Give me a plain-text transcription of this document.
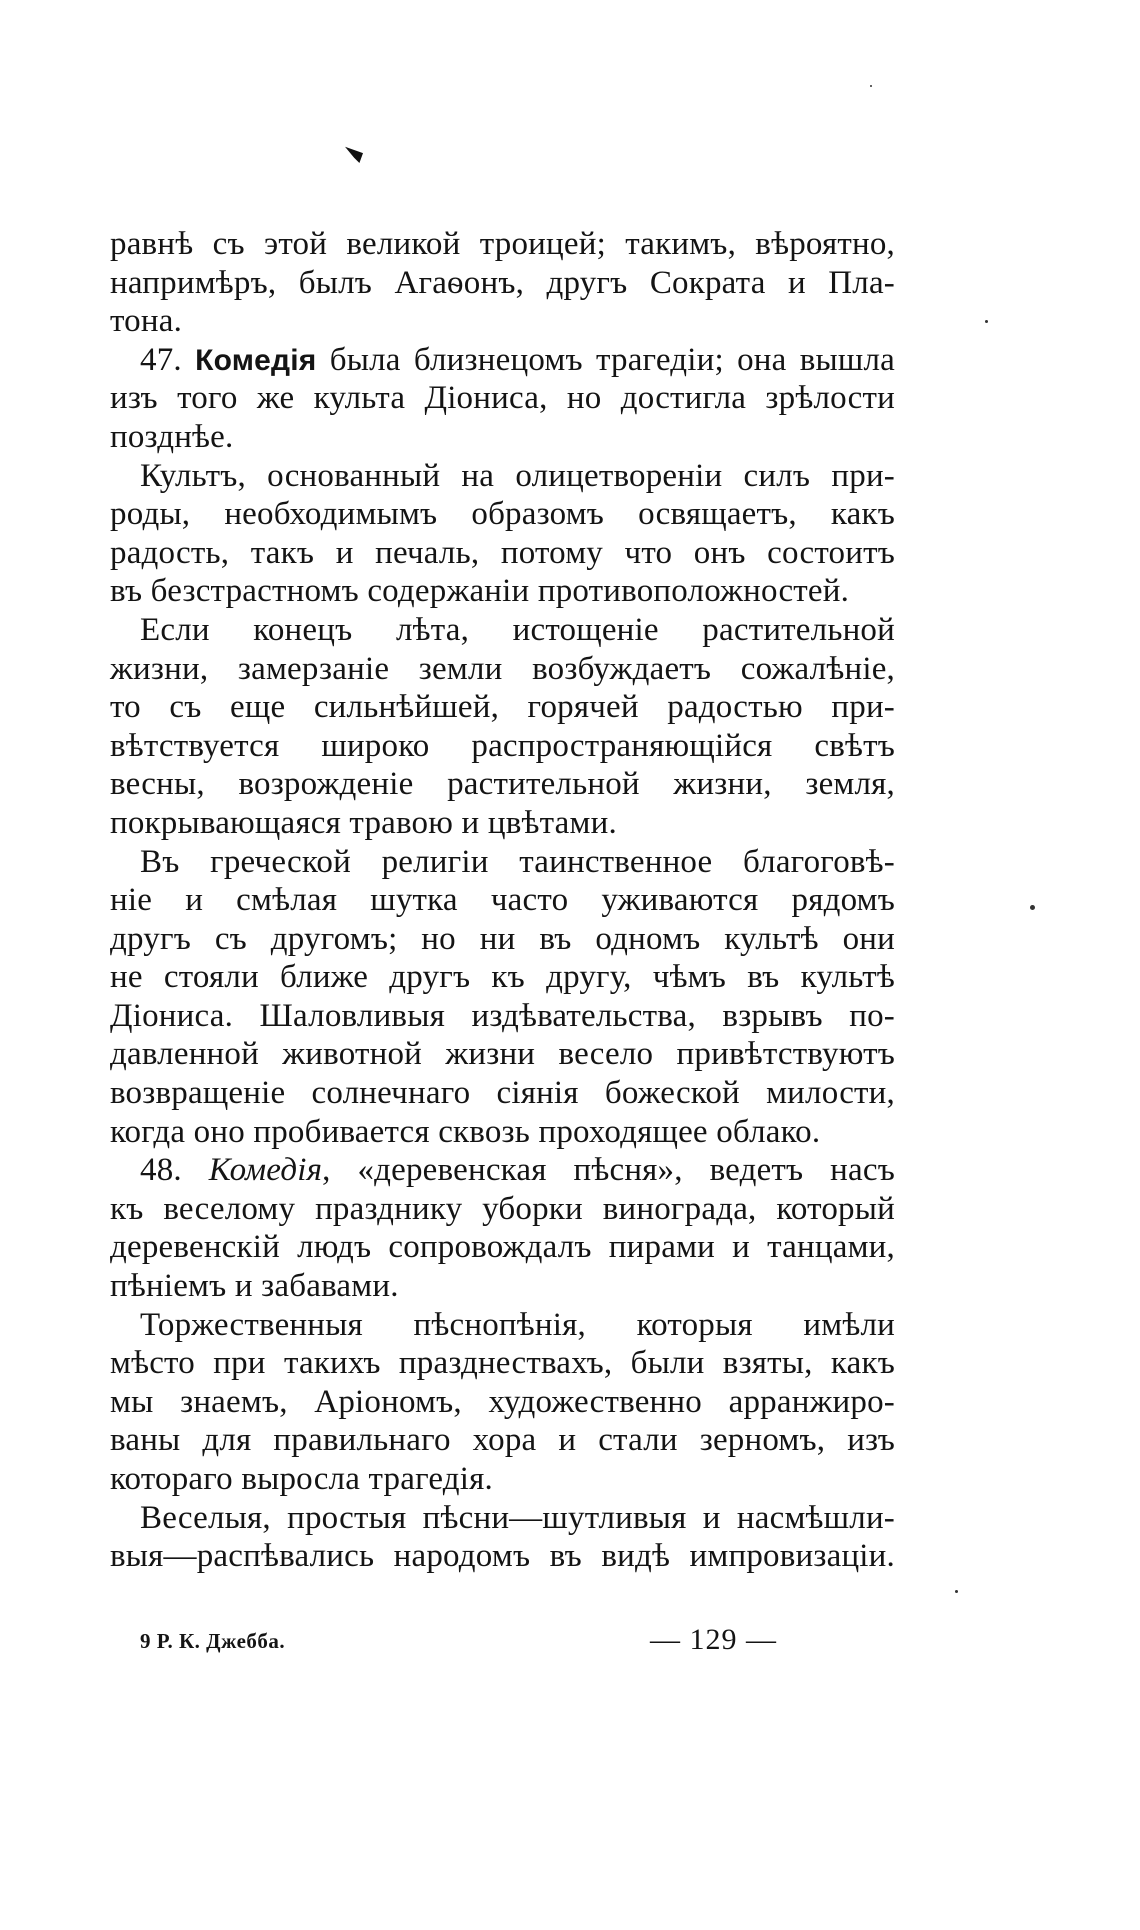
равнѣ съ этой великой троицей; такимъ, вѣроятно,
напримѣръ, былъ Агаѳонъ, другъ Сократа и Пла-
тона.
47. Комедія была близнецомъ трагедіи; она вышла
изъ того же культа Діониса, но достигла зрѣлости
позднѣе.
Культъ, основанный на олицетвореніи силъ при-
роды, необходимымъ образомъ освящаетъ, какъ
радость, такъ и печаль, потому что онъ состоитъ
въ безстрастномъ содержаніи противоположностей.
Если конецъ лѣта, истощеніе растительной
жизни, замерзаніе земли возбуждаетъ сожалѣніе,
то съ еще сильнѣйшей, горячей радостью при-
вѣтствуется широко распространяющійся свѣтъ
весны, возрожденіе растительной жизни, земля,
покрывающаяся травою и цвѣтами.
Въ греческой религіи таинственное благоговѣ-
ніе и смѣлая шутка часто уживаются рядомъ
другъ съ другомъ; но ни въ одномъ культѣ они
не стояли ближе другъ къ другу, чѣмъ въ культѣ
Діониса. Шаловливыя издѣвательства, взрывъ по-
давленной животной жизни весело привѣтствуютъ
возвращеніе солнечнаго сіянія божеской милости,
когда оно пробивается сквозь проходящее облако.
48. Комедія, «деревенская пѣсня», ведетъ насъ
къ веселому празднику уборки винограда, который
деревенскій людъ сопровождалъ пирами и танцами,
пѣніемъ и забавами.
Торжественныя пѣснопѣнія, которыя имѣли
мѣсто при такихъ празднествахъ, были взяты, какъ
мы знаемъ, Аріономъ, художественно арранжиро-
ваны для правильнаго хора и стали зерномъ, изъ
котораго выросла трагедія.
Веселыя, простыя пѣсни—шутливыя и насмѣшли-
выя—распѣвались народомъ въ видѣ импровизаціи.
9 Р. К. Джебба.	— 129 —
